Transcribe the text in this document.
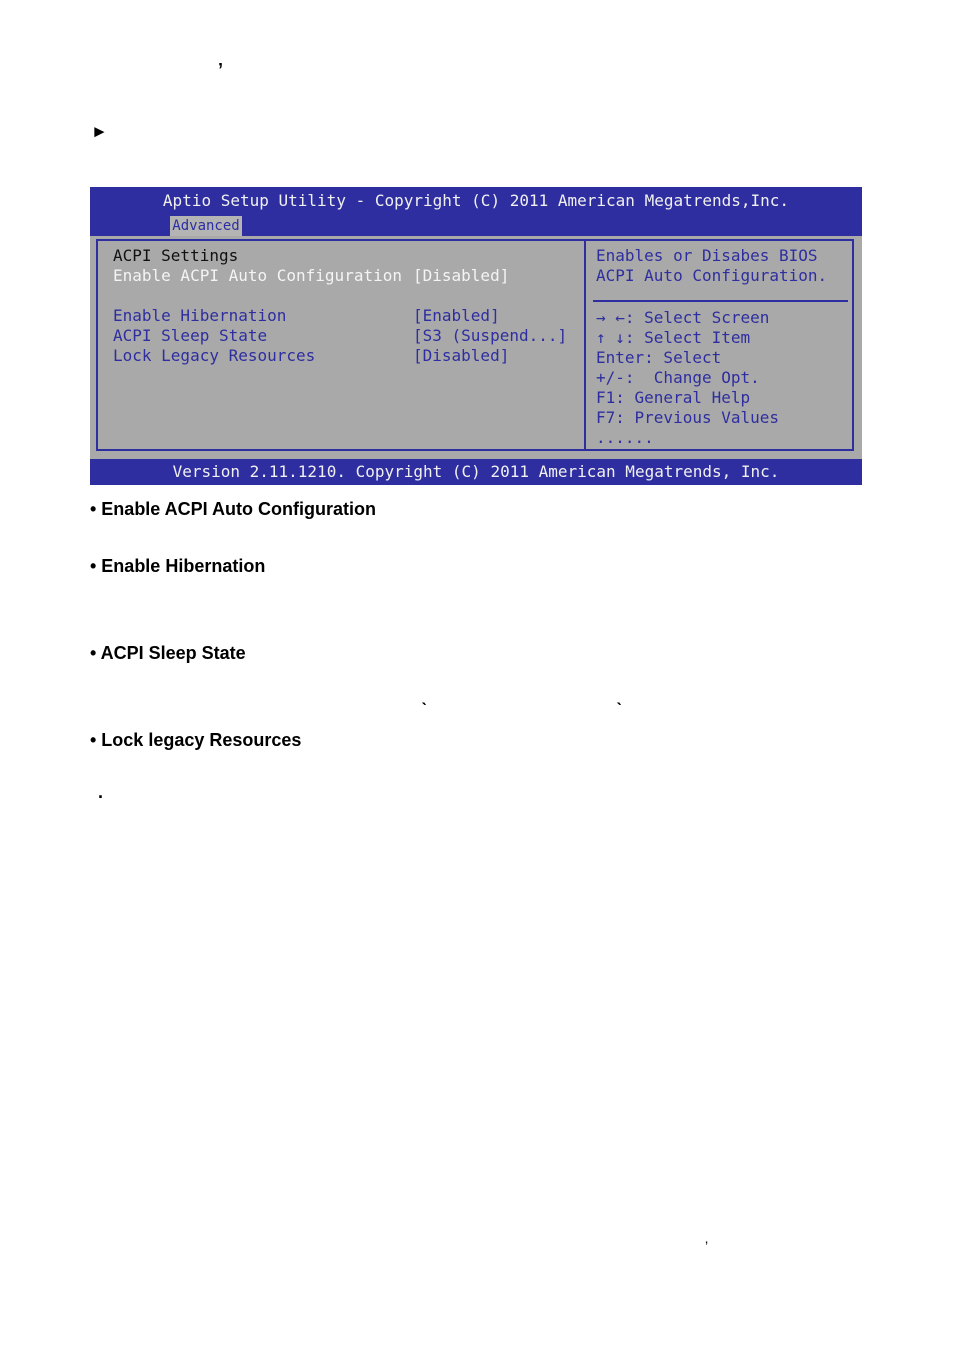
’
►
Aptio Setup Utility - Copyright (C) 2011 American Megatrends,Inc.
Advanced
ACPI Settings
Enable ACPI Auto Configuration [Disabled]
Enable Hibernation	[Enabled]
ACPI Sleep State	[S3 (Suspend...]
Lock Legacy Resources	[Disabled]
Enables or Disabes BIOS
ACPI Auto Configuration.
→ ←: Select Screen
↑ ↓: Select Item
Enter: Select
+/-:  Change Opt.
F1: General Help
F7: Previous Values
......
Version 2.11.1210. Copyright (C) 2011 American Megatrends, Inc.
• Enable ACPI Auto Configuration
• Enable Hibernation
• ACPI Sleep State
ˋ	ˋ
• Lock legacy Resources
.
’
